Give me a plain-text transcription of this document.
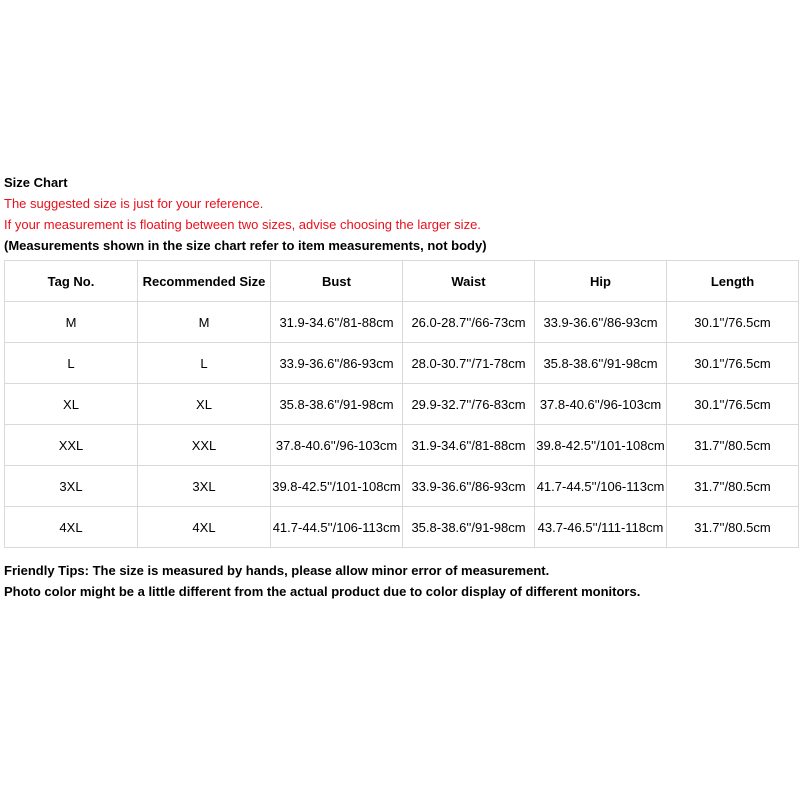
Size Chart
The suggested size is just for your reference.
If your measurement is floating between two sizes, advise choosing the larger size.
(Measurements shown in the size chart refer to item measurements, not body)
Tag No.	Recommended Size	Bust	Waist	Hip	Length
M	M	31.9-34.6''/81-88cm	26.0-28.7''/66-73cm	33.9-36.6''/86-93cm	30.1''/76.5cm
L	L	33.9-36.6''/86-93cm	28.0-30.7''/71-78cm	35.8-38.6''/91-98cm	30.1''/76.5cm
XL	XL	35.8-38.6''/91-98cm	29.9-32.7''/76-83cm	37.8-40.6''/96-103cm	30.1''/76.5cm
XXL	XXL	37.8-40.6''/96-103cm	31.9-34.6''/81-88cm	39.8-42.5''/101-108cm	31.7''/80.5cm
3XL	3XL	39.8-42.5''/101-108cm	33.9-36.6''/86-93cm	41.7-44.5''/106-113cm	31.7''/80.5cm
4XL	4XL	41.7-44.5''/106-113cm	35.8-38.6''/91-98cm	43.7-46.5''/111-118cm	31.7''/80.5cm
Friendly Tips: The size is measured by hands, please allow minor error of measurement.
Photo color might be a little different from the actual product due to color display of different monitors.
